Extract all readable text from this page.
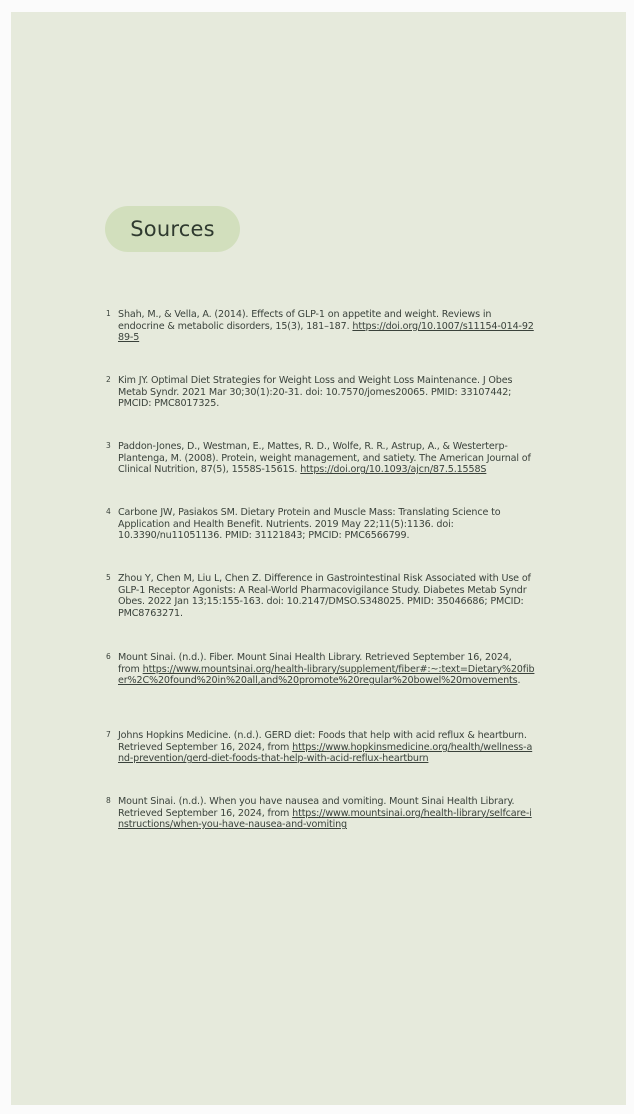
Sources
1 Shah, M., & Vella, A. (2014). Effects of GLP-1 on appetite and weight. Reviews in endocrine & metabolic disorders, 15(3), 181–187. https://doi.org/10.1007/s11154-014-9289-5
2 Kim JY. Optimal Diet Strategies for Weight Loss and Weight Loss Maintenance. J Obes Metab Syndr. 2021 Mar 30;30(1):20-31. doi: 10.7570/jomes20065. PMID: 33107442; PMCID: PMC8017325.
3 Paddon-Jones, D., Westman, E., Mattes, R. D., Wolfe, R. R., Astrup, A., & Westerterp-Plantenga, M. (2008). Protein, weight management, and satiety. The American Journal of Clinical Nutrition, 87(5), 1558S-1561S. https://doi.org/10.1093/ajcn/87.5.1558S
4 Carbone JW, Pasiakos SM. Dietary Protein and Muscle Mass: Translating Science to Application and Health Benefit. Nutrients. 2019 May 22;11(5):1136. doi: 10.3390/nu11051136. PMID: 31121843; PMCID: PMC6566799.
5 Zhou Y, Chen M, Liu L, Chen Z. Difference in Gastrointestinal Risk Associated with Use of GLP-1 Receptor Agonists: A Real-World Pharmacovigilance Study. Diabetes Metab Syndr Obes. 2022 Jan 13;15:155-163. doi: 10.2147/DMSO.S348025. PMID: 35046686; PMCID: PMC8763271.
6 Mount Sinai. (n.d.). Fiber. Mount Sinai Health Library. Retrieved September 16, 2024, from https://www.mountsinai.org/health-library/supplement/fiber#:~:text=Dietary%20fiber%2C%20found%20in%20all,and%20promote%20regular%20bowel%20movements.
7 Johns Hopkins Medicine. (n.d.). GERD diet: Foods that help with acid reflux & heartburn. Retrieved September 16, 2024, from https://www.hopkinsmedicine.org/health/wellness-and-prevention/gerd-diet-foods-that-help-with-acid-reflux-heartburn
8 Mount Sinai. (n.d.). When you have nausea and vomiting. Mount Sinai Health Library. Retrieved September 16, 2024, from https://www.mountsinai.org/health-library/selfcare-instructions/when-you-have-nausea-and-vomiting
